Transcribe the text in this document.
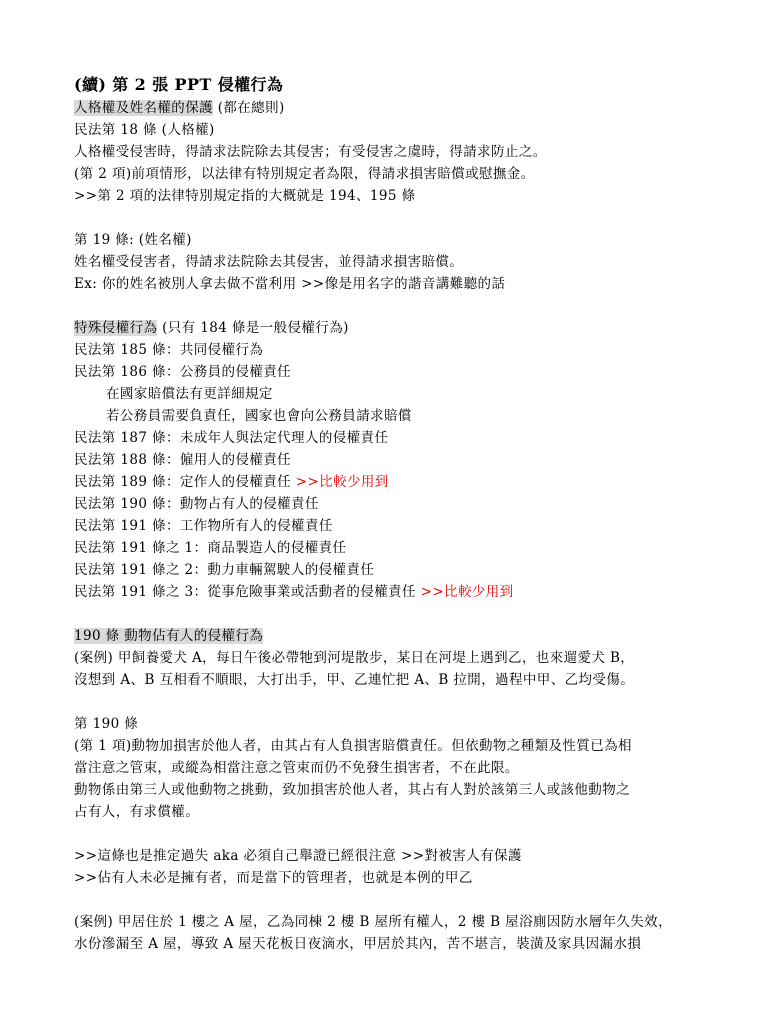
(續) 第 2 張 PPT 侵權行為
人格權及姓名權的保護 (都在總則)
民法第 18 條 (人格權)
人格權受侵害時，得請求法院除去其侵害；有受侵害之虞時，得請求防止之。
(第 2 項)前項情形，以法律有特別規定者為限，得請求損害賠償或慰撫金。
>>第 2 項的法律特別規定指的大概就是 194、195 條
第 19 條: (姓名權)
姓名權受侵害者，得請求法院除去其侵害，並得請求損害賠償。
Ex: 你的姓名被別人拿去做不當利用 >>像是用名字的諧音講難聽的話
特殊侵權行為 (只有 184 條是一般侵權行為)
民法第 185 條：共同侵權行為
民法第 186 條：公務員的侵權責任
在國家賠償法有更詳細規定
若公務員需要負責任，國家也會向公務員請求賠償
民法第 187 條：未成年人與法定代理人的侵權責任
民法第 188 條：僱用人的侵權責任
民法第 189 條：定作人的侵權責任 >>比較少用到
民法第 190 條：動物占有人的侵權責任
民法第 191 條：工作物所有人的侵權責任
民法第 191 條之 1：商品製造人的侵權責任
民法第 191 條之 2：動力車輛駕駛人的侵權責任
民法第 191 條之 3：從事危險事業或活動者的侵權責任 >>比較少用到
190 條 動物佔有人的侵權行為
(案例) 甲飼養愛犬 A，每日午後必帶牠到河堤散步，某日在河堤上遇到乙，也來遛愛犬 B，
沒想到 A、B 互相看不順眼，大打出手，甲、乙連忙把 A、B 拉開，過程中甲、乙均受傷。
第 190 條
(第 1 項)動物加損害於他人者，由其占有人負損害賠償責任。但依動物之種類及性質已為相
當注意之管束，或縱為相當注意之管束而仍不免發生損害者，不在此限。
動物係由第三人或他動物之挑動，致加損害於他人者，其占有人對於該第三人或該他動物之
占有人，有求償權。
>>這條也是推定過失 aka 必須自己舉證已經很注意 >>對被害人有保護
>>佔有人未必是擁有者，而是當下的管理者，也就是本例的甲乙
(案例) 甲居住於 1 樓之 A 屋，乙為同棟 2 樓 B 屋所有權人，2 樓 B 屋浴廁因防水層年久失效，
水份滲漏至 A 屋，導致 A 屋天花板日夜滴水，甲居於其內，苦不堪言，裝潢及家具因漏水損
